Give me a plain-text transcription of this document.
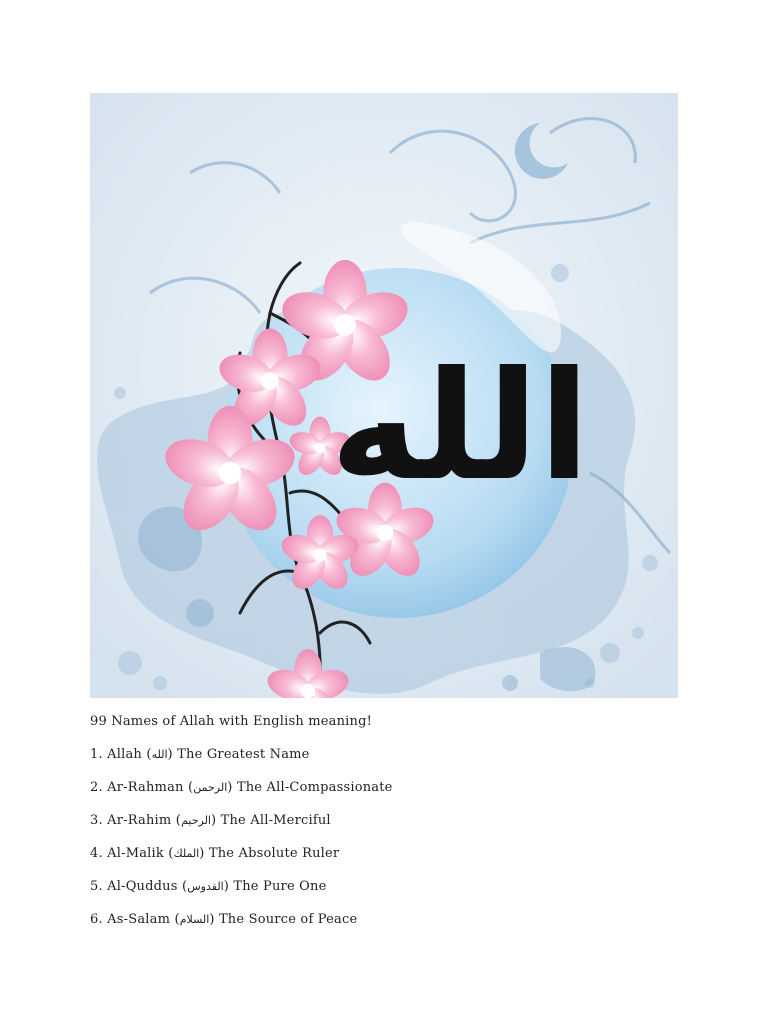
الله

99 Names of Allah with English meaning!

1. Allah (الله) The Greatest Name
2. Ar-Rahman (الرحمن) The All-Compassionate
3. Ar-Rahim (الرحيم) The All-Merciful
4. Al-Malik (الملك) The Absolute Ruler
5. Al-Quddus (القدوس) The Pure One
6. As-Salam (السلام) The Source of Peace
